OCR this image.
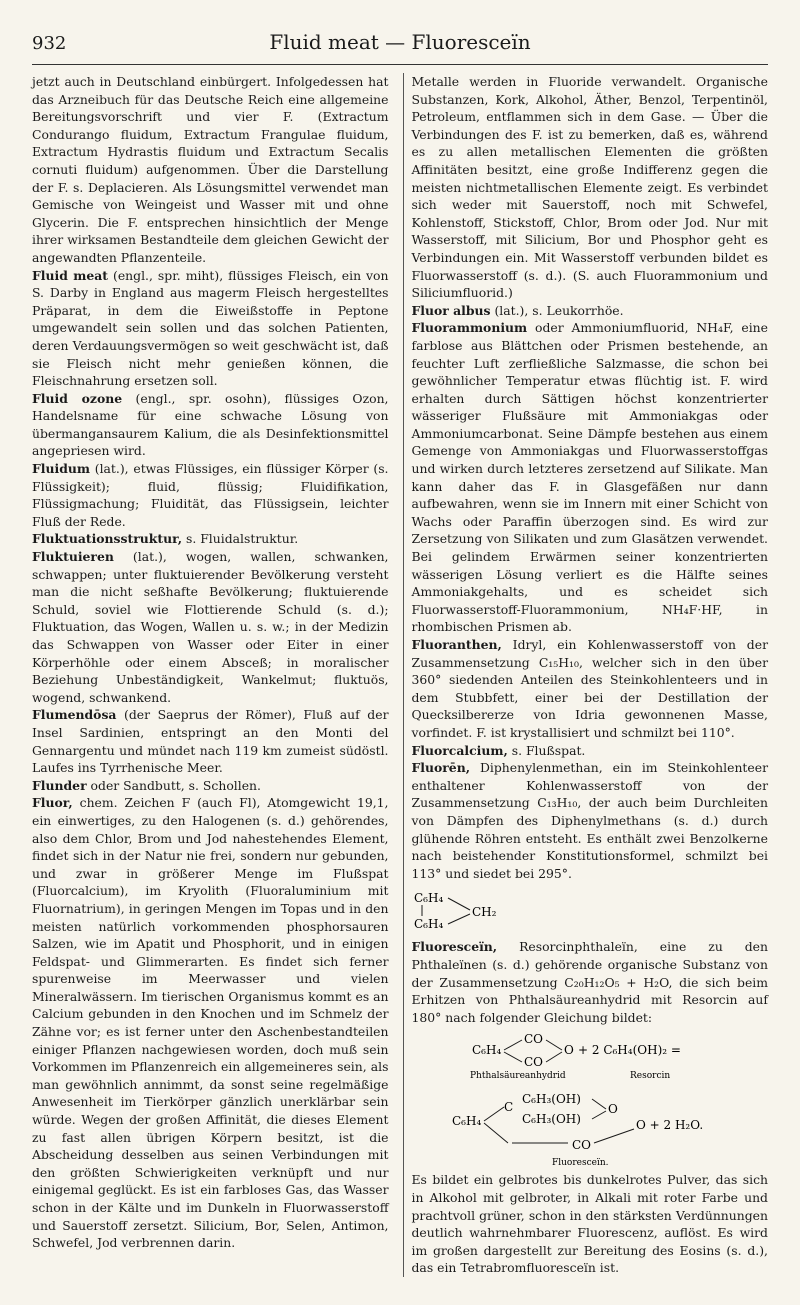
932	Fluid meat — Fluoresceïn

jetzt auch in Deutschland einbürgert. Infolgedessen hat das Arzneibuch für das Deutsche Reich eine allgemeine Bereitungsvorschrift und vier F. (Extractum Condurango fluidum, Extractum Frangulae fluidum, Extractum Hydrastis fluidum und Extractum Secalis cornuti fluidum) aufgenommen. Über die Darstellung der F. s. Deplacieren. Als Lösungsmittel verwendet man Gemische von Weingeist und Wasser mit und ohne Glycerin. Die F. entsprechen hinsichtlich der Menge ihrer wirksamen Bestandteile dem gleichen Gewicht der angewandten Pflanzenteile.

Fluid meat (engl., spr. miht), flüssiges Fleisch, ein von S. Darby in England aus magerm Fleisch hergestelltes Präparat, in dem die Eiweißstoffe in Peptone umgewandelt sein sollen und das solchen Patienten, deren Verdauungsvermögen so weit geschwächt ist, daß sie Fleisch nicht mehr genießen können, die Fleischnahrung ersetzen soll.

Fluid ozone (engl., spr. osohn), flüssiges Ozon, Handelsname für eine schwache Lösung von übermangansaurem Kalium, die als Desinfektionsmittel angepriesen wird.

Fluidum (lat.), etwas Flüssiges, ein flüssiger Körper (s. Flüssigkeit); fluid, flüssig; Fluidifikation, Flüssigmachung; Fluidität, das Flüssigsein, leichter Fluß der Rede.

Fluktuationsstruktur, s. Fluidalstruktur.

Fluktuieren (lat.), wogen, wallen, schwanken, schwappen; unter fluktuierender Bevölkerung versteht man die nicht seßhafte Bevölkerung; fluktuierende Schuld, soviel wie Flottierende Schuld (s. d.); Fluktuation, das Wogen, Wallen u. s. w.; in der Medizin das Schwappen von Wasser oder Eiter in einer Körperhöhle oder einem Absceß; in moralischer Beziehung Unbeständigkeit, Wankelmut; fluktuös, wogend, schwankend.

Flumendōsa (der Saeprus der Römer), Fluß auf der Insel Sardinien, entspringt an den Monti del Gennargentu und mündet nach 119 km zumeist südöstl. Laufes ins Tyrrhenische Meer.

Flunder oder Sandbutt, s. Schollen.

Fluor, chem. Zeichen F (auch Fl), Atomgewicht 19,1, ein einwertiges, zu den Halogenen (s. d.) gehörendes, also dem Chlor, Brom und Jod nahestehendes Element, findet sich in der Natur nie frei, sondern nur gebunden, und zwar in größerer Menge im Flußspat (Fluorcalcium), im Kryolith (Fluoraluminium mit Fluornatrium), in geringen Mengen im Topas und in den meisten natürlich vorkommenden phosphorsauren Salzen, wie im Apatit und Phosphorit, und in einigen Feldspat- und Glimmerarten. Es findet sich ferner spurenweise im Meerwasser und vielen Mineralwässern. Im tierischen Organismus kommt es an Calcium gebunden in den Knochen und im Schmelz der Zähne vor; es ist ferner unter den Aschenbestandteilen einiger Pflanzen nachgewiesen worden, doch muß sein Vorkommen im Pflanzenreich ein allgemeineres sein, als man gewöhnlich annimmt, da sonst seine regelmäßige Anwesenheit im Tierkörper gänzlich unerklärbar sein würde. Wegen der großen Affinität, die dieses Element zu fast allen übrigen Körpern besitzt, ist die Abscheidung desselben aus seinen Verbindungen mit den größten Schwierigkeiten verknüpft und nur einigemal geglückt. Es ist ein farbloses Gas, das Wasser schon in der Kälte und im Dunkeln in Fluorwasserstoff und Sauerstoff zersetzt. Silicium, Bor, Selen, Antimon, Schwefel, Jod verbrennen darin.

Metalle werden in Fluoride verwandelt. Organische Substanzen, Kork, Alkohol, Äther, Benzol, Terpentinöl, Petroleum, entflammen sich in dem Gase. — Über die Verbindungen des F. ist zu bemerken, daß es, während es zu allen metallischen Elementen die größten Affinitäten besitzt, eine große Indifferenz gegen die meisten nichtmetallischen Elemente zeigt. Es verbindet sich weder mit Sauerstoff, noch mit Schwefel, Kohlenstoff, Stickstoff, Chlor, Brom oder Jod. Nur mit Wasserstoff, mit Silicium, Bor und Phosphor geht es Verbindungen ein. Mit Wasserstoff verbunden bildet es Fluorwasserstoff (s. d.). (S. auch Fluorammonium und Siliciumfluorid.)

Fluor albus (lat.), s. Leukorrhöe.

Fluorammonium oder Ammoniumfluorid, NH₄F, eine farblose aus Blättchen oder Prismen bestehende, an feuchter Luft zerfließliche Salzmasse, die schon bei gewöhnlicher Temperatur etwas flüchtig ist. F. wird erhalten durch Sättigen höchst konzentrierter wässeriger Flußsäure mit Ammoniakgas oder Ammoniumcarbonat. Seine Dämpfe bestehen aus einem Gemenge von Ammoniakgas und Fluorwasserstoffgas und wirken durch letzteres zersetzend auf Silikate. Man kann daher das F. in Glasgefäßen nur dann aufbewahren, wenn sie im Innern mit einer Schicht von Wachs oder Paraffin überzogen sind. Es wird zur Zersetzung von Silikaten und zum Glasätzen verwendet. Bei gelindem Erwärmen seiner konzentrierten wässerigen Lösung verliert es die Hälfte seines Ammoniakgehalts, und es scheidet sich Fluorwasserstoff-Fluorammonium, NH₄F·HF, in rhombischen Prismen ab.

Fluoranthen, Idryl, ein Kohlenwasserstoff von der Zusammensetzung C₁₅H₁₀, welcher sich in den über 360° siedenden Anteilen des Steinkohlenteers und in dem Stubbfett, einer bei der Destillation der Quecksilbererze von Idria gewonnenen Masse, vorfindet. F. ist krystallisiert und schmilzt bei 110°.

Fluorcalcium, s. Flußspat.

Fluorēn, Diphenylenmethan, ein im Steinkohlenteer enthaltener Kohlenwasserstoff von der Zusammensetzung C₁₃H₁₀, der auch beim Durchleiten von Dämpfen des Diphenylmethans (s. d.) durch glühende Röhren entsteht. Es enthält zwei Benzolkerne nach beistehender Konstitutionsformel, schmilzt bei 113° und siedet bei 295°.

C₆H₄
C₆H₄
CH₂

Fluoresceïn, Resorcinphthaleïn, eine zu den Phthaleïnen (s. d.) gehörende organische Substanz von der Zusammensetzung C₂₀H₁₂O₅ + H₂O, die sich beim Erhitzen von Phthalsäureanhydrid mit Resorcin auf 180° nach folgender Gleichung bildet:

C₆H₄
CO
CO
O + 2 C₆H₄(OH)₂ =
Phthalsäureanhydrid	Resorcin

C₆H₄
C
C₆H₃(OH)
C₆H₃(OH)
O
CO
O + 2 H₂O.
Fluoresceïn.

Es bildet ein gelbrotes bis dunkelrotes Pulver, das sich in Alkohol mit gelbroter, in Alkali mit roter Farbe und prachtvoll grüner, schon in den stärksten Verdünnungen deutlich wahrnehmbarer Fluorescenz, auflöst. Es wird im großen dargestellt zur Bereitung des Eosins (s. d.), das ein Tetrabromfluoresceïn ist.
